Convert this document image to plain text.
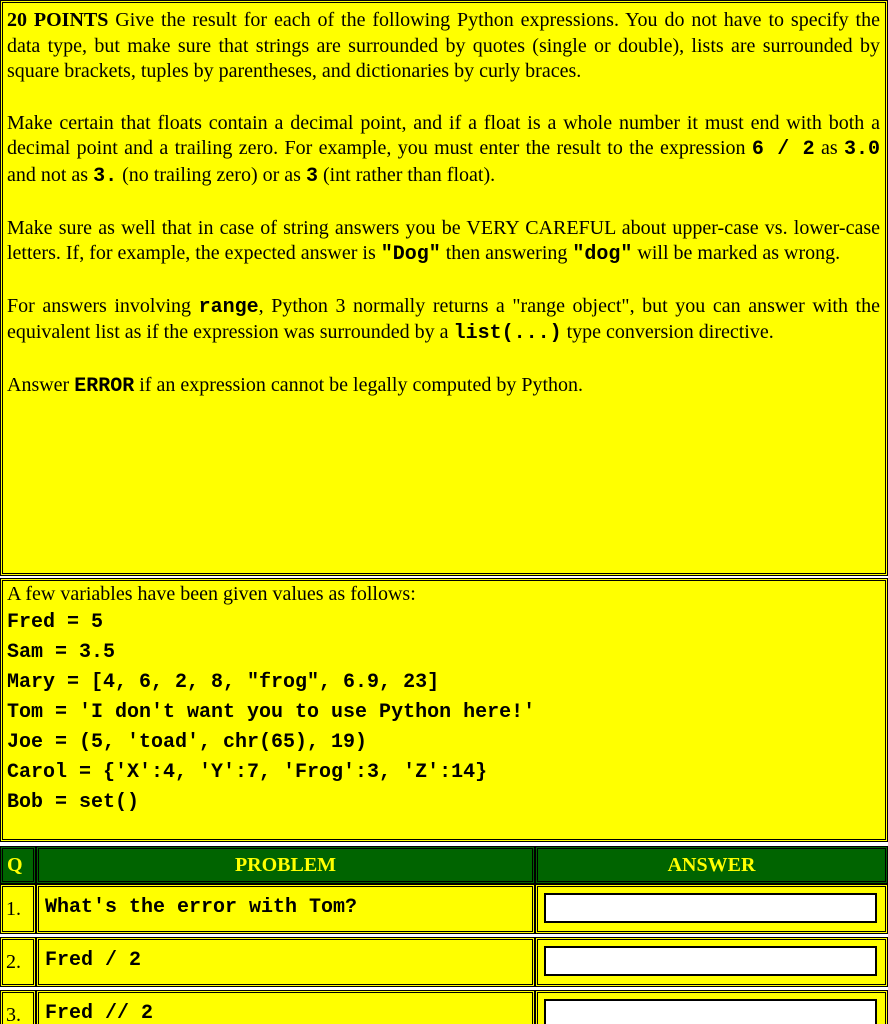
20 POINTS Give the result for each of the following Python expressions. You do not have to specify the data type, but make sure that strings are surrounded by quotes (single or double), lists are surrounded by square brackets, tuples by parentheses, and dictionaries by curly braces.

Make certain that floats contain a decimal point, and if a float is a whole number it must end with both a decimal point and a trailing zero. For example, you must enter the result to the expression 6 / 2 as 3.0 and not as 3. (no trailing zero) or as 3 (int rather than float).

Make sure as well that in case of string answers you be VERY CAREFUL about upper-case vs. lower-case letters. If, for example, the expected answer is "Dog" then answering "dog" will be marked as wrong.

For answers involving range, Python 3 normally returns a "range object", but you can answer with the equivalent list as if the expression was surrounded by a list(...) type conversion directive.

Answer ERROR if an expression cannot be legally computed by Python.

A few variables have been given values as follows:

Fred = 5
Sam = 3.5
Mary = [4, 6, 2, 8, "frog", 6.9, 23]
Tom = 'I don't want you to use Python here!'
Joe = (5, 'toad', chr(65), 19)
Carol = {'X':4, 'Y':7, 'Frog':3, 'Z':14}
Bob = set()
Q	PROBLEM	ANSWER
1.	What's the error with Tom?
2.	Fred / 2
3.	Fred // 2
